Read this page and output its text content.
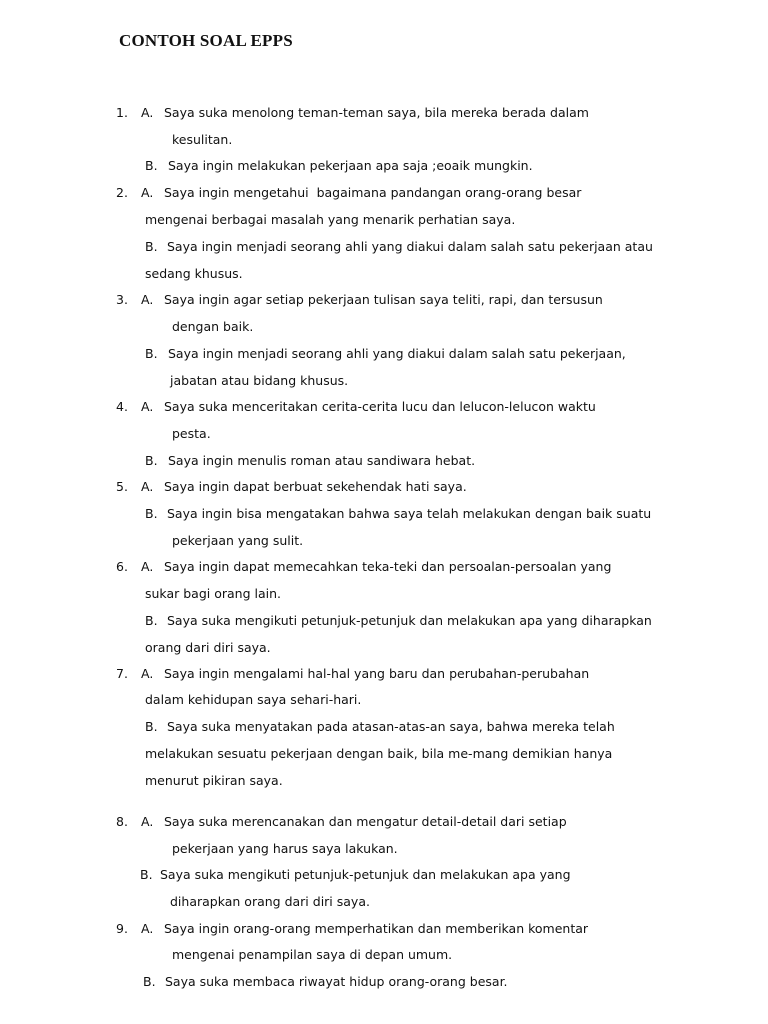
CONTOH SOAL EPPS
1. A. Saya suka menolong teman-teman saya, bila mereka berada dalam
kesulitan.
B. Saya ingin melakukan pekerjaan apa saja ;eoaik mungkin.
2. A. Saya ingin mengetahui  bagaimana pandangan orang-orang besar
mengenai berbagai masalah yang menarik perhatian saya.
B. Saya ingin menjadi seorang ahli yang diakui dalam salah satu pekerjaan atau
sedang khusus.
3. A. Saya ingin agar setiap pekerjaan tulisan saya teliti, rapi, dan tersusun
dengan baik.
B. Saya ingin menjadi seorang ahli yang diakui dalam salah satu pekerjaan,
jabatan atau bidang khusus.
4. A. Saya suka menceritakan cerita-cerita lucu dan lelucon-lelucon waktu
pesta.
B. Saya ingin menulis roman atau sandiwara hebat.
5. A. Saya ingin dapat berbuat sekehendak hati saya.
B. Saya ingin bisa mengatakan bahwa saya telah melakukan dengan baik suatu
pekerjaan yang sulit.
6. A. Saya ingin dapat memecahkan teka-teki dan persoalan-persoalan yang
sukar bagi orang lain.
B. Saya suka mengikuti petunjuk-petunjuk dan melakukan apa yang diharapkan
orang dari diri saya.
7. A. Saya ingin mengalami hal-hal yang baru dan perubahan-perubahan
dalam kehidupan saya sehari-hari.
B. Saya suka menyatakan pada atasan-atas-an saya, bahwa mereka telah
melakukan sesuatu pekerjaan dengan baik, bila me-mang demikian hanya
menurut pikiran saya.
8. A. Saya suka merencanakan dan mengatur detail-detail dari setiap
pekerjaan yang harus saya lakukan.
B. Saya suka mengikuti petunjuk-petunjuk dan melakukan apa yang
diharapkan orang dari diri saya.
9. A. Saya ingin orang-orang memperhatikan dan memberikan komentar
mengenai penampilan saya di depan umum.
B. Saya suka membaca riwayat hidup orang-orang besar.
